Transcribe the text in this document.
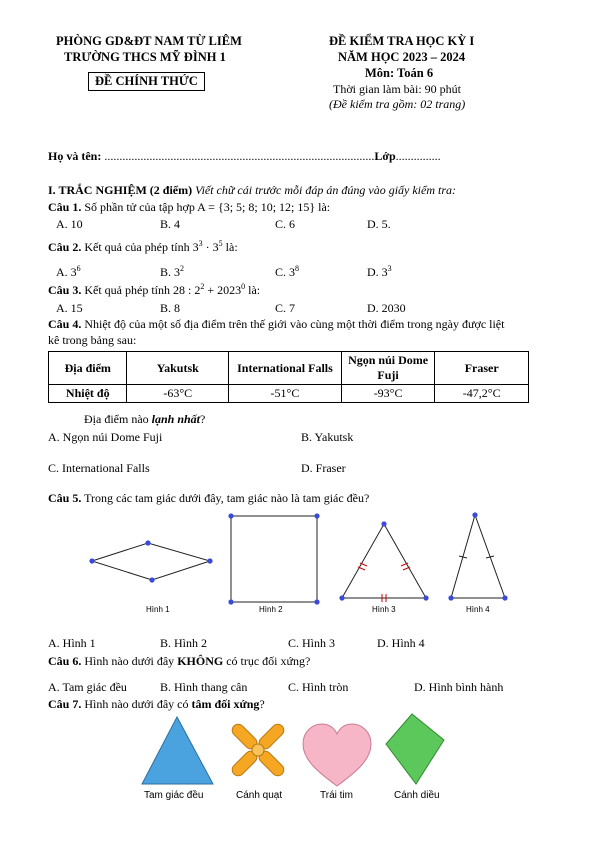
PHÒNG GD&ĐT NAM TỪ LIÊM
TRƯỜNG THCS MỸ ĐÌNH 1
ĐỀ CHÍNH THỨC
ĐỀ KIỂM TRA HỌC KỲ I
NĂM HỌC 2023 – 2024
Môn: Toán 6
Thời gian làm bài: 90 phút
(Đề kiểm tra gồm: 02 trang)
Họ và tên: ..........................................................................................Lớp...............
I. TRẮC NGHIỆM (2 điểm) Viết chữ cái trước mỗi đáp án đúng vào giấy kiểm tra:
Câu 1. Số phần tử của tập hợp A = {3; 5; 8; 10; 12; 15} là:
A. 10	B. 4	C. 6	D. 5.
Câu 2. Kết quả của phép tính $3^3 \cdot 3^5$ là:
A. $3^6$	B. $3^2$	C. $3^8$	D. $3^3$
Câu 3. Kết quả phép tính 28 : $2^2 + 2023^0$ là:
A. 15	B. 8	C. 7	D. 2030
Câu 4. Nhiệt độ của một số địa điểm trên thế giới vào cùng một thời điểm trong ngày được liệt
kê trong bảng sau:
Địa điểm	Yakutsk	International Falls	Ngọn núi Dome Fuji	Fraser
Nhiệt độ	-63°C	-51°C	-93°C	-47,2°C
Địa điểm nào lạnh nhất?
A. Ngọn núi Dome Fuji	B. Yakutsk
C. International Falls	D. Fraser
Câu 5. Trong các tam giác dưới đây, tam giác nào là tam giác đều?
Hình 1	Hình 2	Hình 3	Hình 4
A. Hình 1	B. Hình 2	C. Hình 3	D. Hình 4
Câu 6. Hình nào dưới đây KHÔNG có trục đối xứng?
A. Tam giác đều	B. Hình thang cân	C. Hình tròn	D. Hình bình hành
Câu 7. Hình nào dưới đây có tâm đối xứng?
Tam giác đều	Cánh quạt	Trái tim	Cánh diều
